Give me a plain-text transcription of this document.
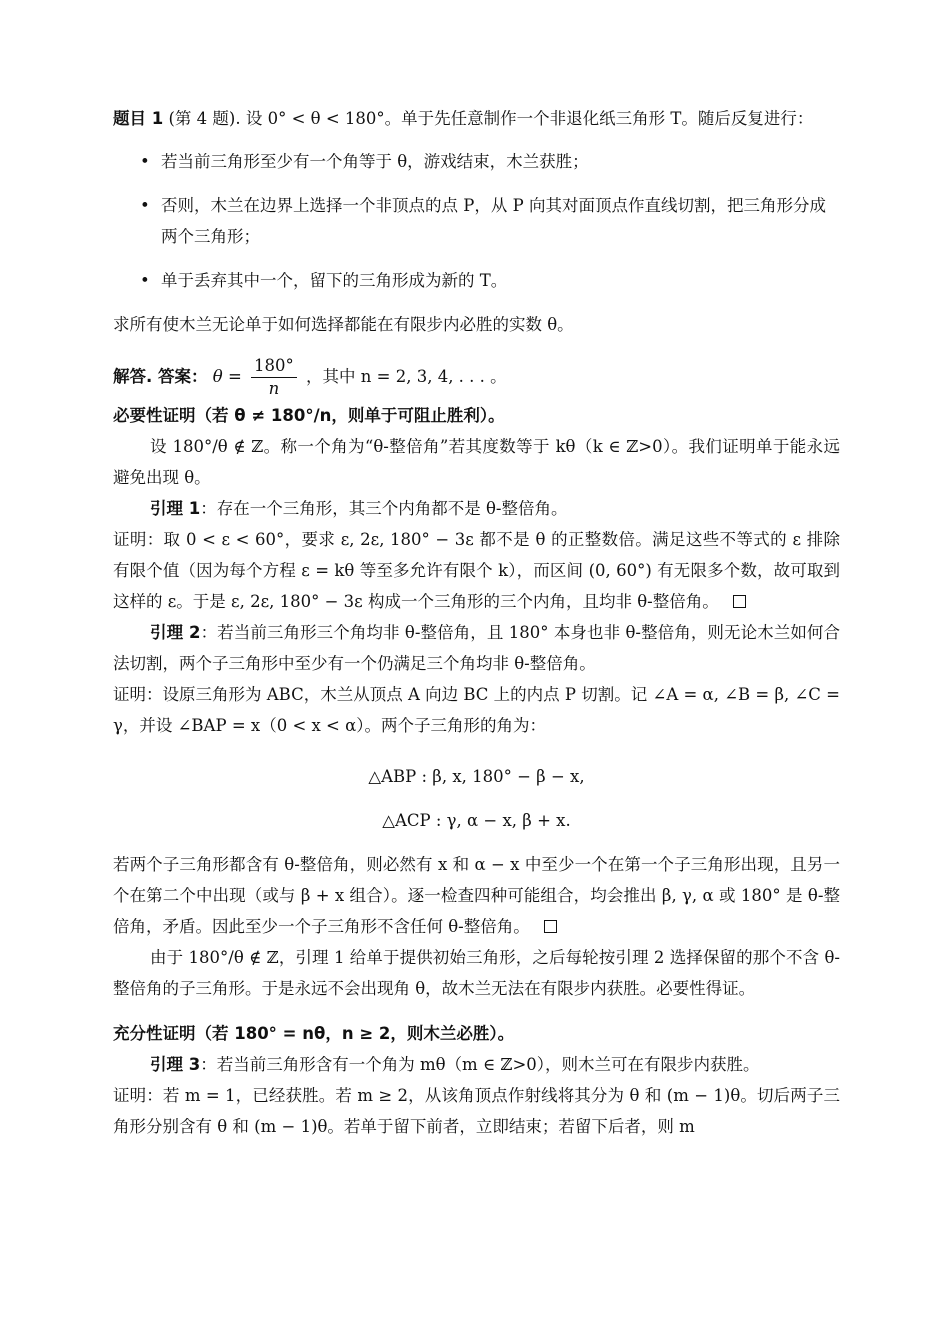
题目 1 (第 4 题). 设 0° < θ < 180°。单于先任意制作一个非退化纸三角形 T。随后反复进行：

• 若当前三角形至少有一个角等于 θ，游戏结束，木兰获胜；
• 否则，木兰在边界上选择一个非顶点的点 P，从 P 向其对面顶点作直线切割，把三角形分成两个三角形；
• 单于丢弃其中一个，留下的三角形成为新的 T。

求所有使木兰无论单于如何选择都能在有限步内必胜的实数 θ。

解答. 答案： $\theta = \frac{180^\circ}{n}$ ，其中 n = 2, 3, 4, . . . 。

必要性证明（若 θ ≠ 180°/n，则单于可阻止胜利）。

设 180°/θ ∉ ℤ。称一个角为“θ-整倍角”若其度数等于 kθ（k ∈ ℤ>0）。我们证明单于能永远避免出现 θ。

引理 1：存在一个三角形，其三个内角都不是 θ-整倍角。

证明：取 0 < ε < 60°，要求 ε, 2ε, 180° − 3ε 都不是 θ 的正整数倍。满足这些不等式的 ε 排除有限个值（因为每个方程 ε = kθ 等至多允许有限个 k），而区间 (0, 60°) 有无限多个数，故可取到这样的 ε。于是 ε, 2ε, 180° − 3ε 构成一个三角形的三个内角，且均非 θ-整倍角。

引理 2：若当前三角形三个角均非 θ-整倍角，且 180° 本身也非 θ-整倍角，则无论木兰如何合法切割，两个子三角形中至少有一个仍满足三个角均非 θ-整倍角。

证明：设原三角形为 ABC，木兰从顶点 A 向边 BC 上的内点 P 切割。记 ∠A = α, ∠B = β, ∠C = γ，并设 ∠BAP = x（0 < x < α）。两个子三角形的角为：

△ABP : β, x, 180° − β − x,

△ACP : γ, α − x, β + x.

若两个子三角形都含有 θ-整倍角，则必然有 x 和 α − x 中至少一个在第一个子三角形出现，且另一个在第二个中出现（或与 β + x 组合）。逐一检查四种可能组合，均会推出 β, γ, α 或 180° 是 θ-整倍角，矛盾。因此至少一个子三角形不含任何 θ-整倍角。

由于 180°/θ ∉ ℤ，引理 1 给单于提供初始三角形，之后每轮按引理 2 选择保留的那个不含 θ-整倍角的子三角形。于是永远不会出现角 θ，故木兰无法在有限步内获胜。必要性得证。

充分性证明（若 180° = nθ，n ≥ 2，则木兰必胜）。

引理 3：若当前三角形含有一个角为 mθ（m ∈ ℤ>0），则木兰可在有限步内获胜。

证明：若 m = 1，已经获胜。若 m ≥ 2，从该角顶点作射线将其分为 θ 和 (m − 1)θ。切后两子三角形分别含有 θ 和 (m − 1)θ。若单于留下前者，立即结束；若留下后者，则 m
